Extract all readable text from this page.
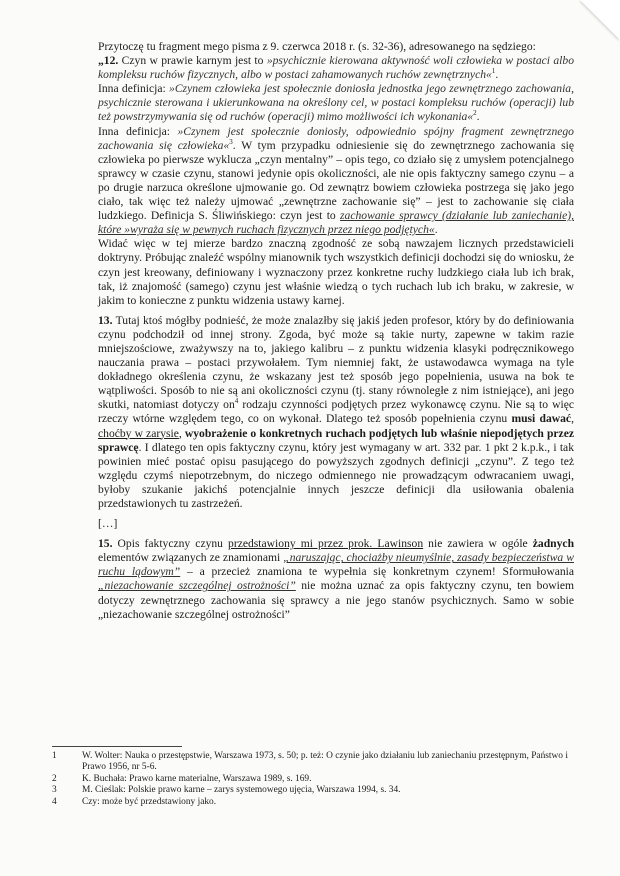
Przytoczę tu fragment mego pisma z 9. czerwca 2018 r. (s. 32-36), adresowanego na sędziego:

„12. Czyn w prawie karnym jest to »psychicznie kierowana aktywność woli człowieka w postaci albo kompleksu ruchów fizycznych, albo w postaci zahamowanych ruchów zewnętrznych«$^1$.

Inna definicja: »Czynem człowieka jest społecznie doniosła jednostka jego zewnętrznego zachowania, psychicznie sterowana i ukierunkowana na określony cel, w postaci kompleksu ruchów (operacji) lub też powstrzymywania się od ruchów (operacji) mimo możliwości ich wykonania«$^2$.

Inna definicja: »Czynem jest społecznie doniosły, odpowiednio spójny fragment zewnętrznego zachowania się człowieka«$^3$. W tym przypadku odniesienie się do zewnętrznego zachowania się człowieka po pierwsze wyklucza „czyn mentalny” – opis tego, co działo się z umysłem potencjalnego sprawcy w czasie czynu, stanowi jedynie opis okoliczności, ale nie opis faktyczny samego czynu – a po drugie narzuca określone ujmowanie go. Od zewnątrz bowiem człowieka postrzega się jako jego ciało, tak więc też należy ujmować „zewnętrzne zachowanie się” – jest to zachowanie się ciała ludzkiego. Definicja S. Śliwińskiego: czyn jest to zachowanie sprawcy (działanie lub zaniechanie), które »wyraża się w pewnych ruchach fizycznych przez niego podjętych«.

Widać więc w tej mierze bardzo znaczną zgodność ze sobą nawzajem licznych przedstawicieli doktryny. Próbując znaleźć wspólny mianownik tych wszystkich definicji dochodzi się do wniosku, że czyn jest kreowany, definiowany i wyznaczony przez konkretne ruchy ludzkiego ciała lub ich brak, tak, iż znajomość (samego) czynu jest właśnie wiedzą o tych ruchach lub ich braku, w zakresie, w jakim to konieczne z punktu widzenia ustawy karnej.

13. Tutaj ktoś mógłby podnieść, że może znalazłby się jakiś jeden profesor, który by do definiowania czynu podchodził od innej strony. Zgoda, być może są takie nurty, zapewne w takim razie mniejszościowe, zważywszy na to, jakiego kalibru – z punktu widzenia klasyki podręcznikowego nauczania prawa – postaci przywołałem. Tym niemniej fakt, że ustawodawca wymaga na tyle dokładnego określenia czynu, że wskazany jest też sposób jego popełnienia, usuwa na bok te wątpliwości. Sposób to nie są ani okoliczności czynu (tj. stany równoległe z nim istniejące), ani jego skutki, natomiast dotyczy $on^4$ rodzaju czynności podjętych przez wykonawcę czynu. Nie są to więc rzeczy wtórne względem tego, co on wykonał. Dlatego też sposób popełnienia czynu musi dawać, choćby w zarysie, wyobrażenie o konkretnych ruchach podjętych lub właśnie niepodjętych przez sprawcę. I dlatego ten opis faktyczny czynu, który jest wymagany w art. 332 par. 1 pkt 2 k.p.k., i tak powinien mieć postać opisu pasującego do powyższych zgodnych definicji „czynu”. Z tego też względu czymś niepotrzebnym, do niczego odmiennego nie prowadzącym odwracaniem uwagi, byłoby szukanie jakichś potencjalnie innych jeszcze definicji dla usiłowania obalenia przedstawionych tu zastrzeżeń.

[…]

15. Opis faktyczny czynu przedstawiony mi przez prok. Lawinson nie zawiera w ogóle żadnych elementów związanych ze znamionami „naruszając, chociażby nieumyślnie, zasady bezpieczeństwa w ruchu lądowym” – a przecież znamiona te wypełnia się konkretnym czynem! Sformułowania „niezachowanie szczególnej ostrożności” nie można uznać za opis faktyczny czynu, ten bowiem dotyczy zewnętrznego zachowania się sprawcy a nie jego stanów psychicznych. Samo w sobie „niezachowanie szczególnej ostrożności”

1	W. Wolter: Nauka o przestępstwie, Warszawa 1973, s. 50; p. też: O czynie jako działaniu lub zaniechaniu przestępnym, Państwo i Prawo 1956, nr 5-6.
2	K. Buchała: Prawo karne materialne, Warszawa 1989, s. 169.
3	M. Cieślak: Polskie prawo karne – zarys systemowego ujęcia, Warszawa 1994, s. 34.
4	Czy: może być przedstawiony jako.
